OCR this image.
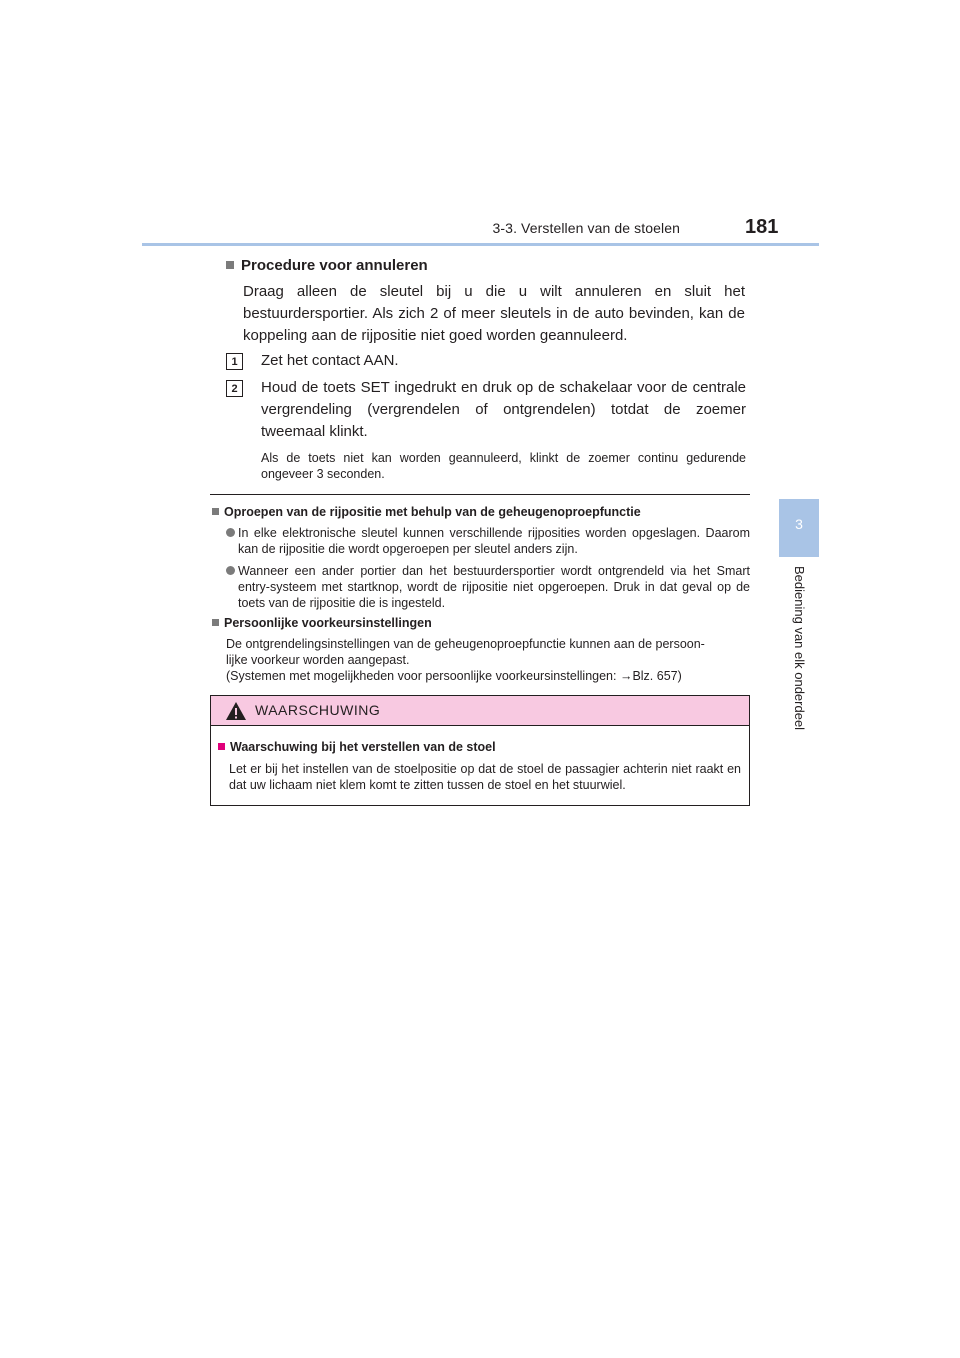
3-3. Verstellen van de stoelen	181
3
Bediening van elk onderdeel
Procedure voor annuleren
Draag alleen de sleutel bij u die u wilt annuleren en sluit het bestuurdersportier. Als zich 2 of meer sleutels in de auto bevinden, kan de koppeling aan de rijpositie niet goed worden geannuleerd.
1	Zet het contact AAN.
2	Houd de toets SET ingedrukt en druk op de schakelaar voor de centrale vergrendeling (vergrendelen of ontgrendelen) totdat de zoemer tweemaal klinkt.
Als de toets niet kan worden geannuleerd, klinkt de zoemer continu gedurende ongeveer 3 seconden.
Oproepen van de rijpositie met behulp van de geheugenoproepfunctie
In elke elektronische sleutel kunnen verschillende rijposities worden opgeslagen. Daarom kan de rijpositie die wordt opgeroepen per sleutel anders zijn.
Wanneer een ander portier dan het bestuurdersportier wordt ontgrendeld via het Smart entry-systeem met startknop, wordt de rijpositie niet opgeroepen. Druk in dat geval op de toets van de rijpositie die is ingesteld.
Persoonlijke voorkeursinstellingen
De ontgrendelingsinstellingen van de geheugenoproepfunctie kunnen aan de persoon-
lijke voorkeur worden aangepast.
(Systemen met mogelijkheden voor persoonlijke voorkeursinstellingen: →Blz. 657)
WAARSCHUWING
Waarschuwing bij het verstellen van de stoel
Let er bij het instellen van de stoelpositie op dat de stoel de passagier achterin niet raakt en dat uw lichaam niet klem komt te zitten tussen de stoel en het stuurwiel.
